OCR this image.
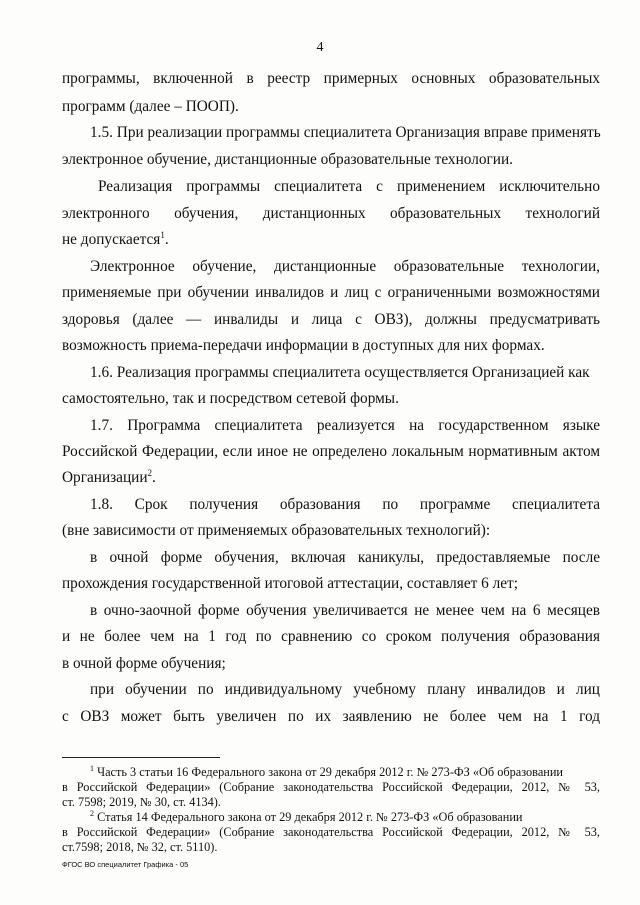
4
программы, включенной в реестр примерных основных образовательных
программ (далее – ПООП).
1.5. При реализации программы специалитета Организация вправе применять
электронное обучение, дистанционные образовательные технологии.
Реализация программы специалитета с применением исключительно
электронного обучения, дистанционных образовательных технологий
не допускается$^1$.
Электронное обучение, дистанционные образовательные технологии,
применяемые при обучении инвалидов и лиц с ограниченными возможностями
здоровья (далее — инвалиды и лица с ОВЗ), должны предусматривать
возможность приема-передачи информации в доступных для них формах.
1.6. Реализация программы специалитета осуществляется Организацией как
самостоятельно, так и посредством сетевой формы.
1.7. Программа специалитета реализуется на государственном языке
Российской Федерации, если иное не определено локальным нормативным актом
Организации$^2$.
1.8. Срок получения образования по программе специалитета
(вне зависимости от применяемых образовательных технологий):
в очной форме обучения, включая каникулы, предоставляемые после
прохождения государственной итоговой аттестации, составляет 6 лет;
в очно-заочной форме обучения увеличивается не менее чем на 6 месяцев
и не более чем на 1 год по сравнению со сроком получения образования
в очной форме обучения;
при обучении по индивидуальному учебному плану инвалидов и лиц
с ОВЗ может быть увеличен по их заявлению не более чем на 1 год
$^1$ Часть 3 статьи 16 Федерального закона от 29 декабря 2012 г. № 273-ФЗ «Об образовании
в Российской Федерации» (Собрание законодательства Российской Федерации, 2012, № 53,
ст. 7598; 2019, № 30, ст. 4134).
$^2$ Статья 14 Федерального закона от 29 декабря 2012 г. № 273-ФЗ «Об образовании
в Российской Федерации» (Собрание законодательства Российской Федерации, 2012, № 53,
ст.7598; 2018, № 32, ст. 5110).
ФГОС ВО специалитет Графика - 05
